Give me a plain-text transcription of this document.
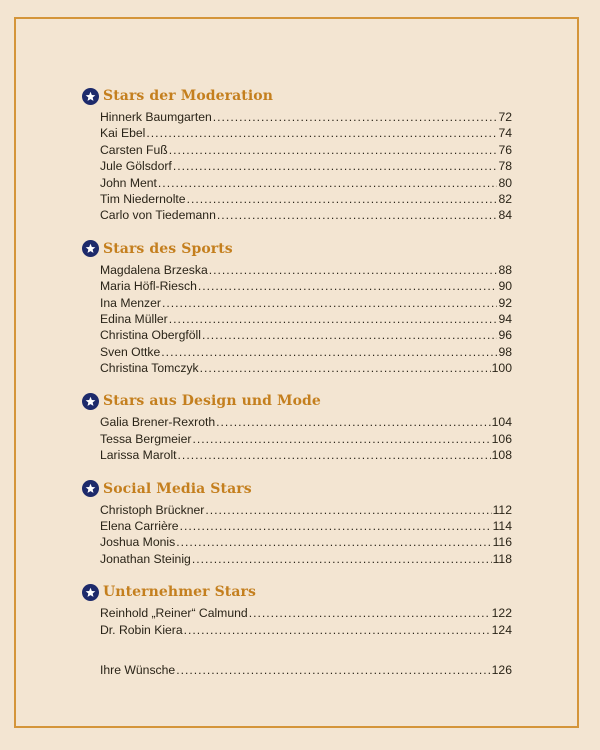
Stars der Moderation
Hinnerk Baumgarten .....	72
Kai Ebel .....	74
Carsten Fuß .....	76
Jule Gölsdorf .....	78
John Ment .....	80
Tim Niedernolte .....	82
Carlo von Tiedemann .....	84
Stars des Sports
Magdalena Brzeska .....	88
Maria Höfl-Riesch .....	90
Ina Menzer .....	92
Edina Müller .....	94
Christina Obergföll .....	96
Sven Ottke .....	98
Christina Tomczyk .....	100
Stars aus Design und Mode
Galia Brener-Rexroth .....	104
Tessa Bergmeier .....	106
Larissa Marolt .....	108
Social Media Stars
Christoph Brückner .....	112
Elena Carrière .....	114
Joshua Monis .....	116
Jonathan Steinig .....	118
Unternehmer Stars
Reinhold „Reiner“ Calmund .....	122
Dr. Robin Kiera .....	124
Ihre Wünsche .....	126
